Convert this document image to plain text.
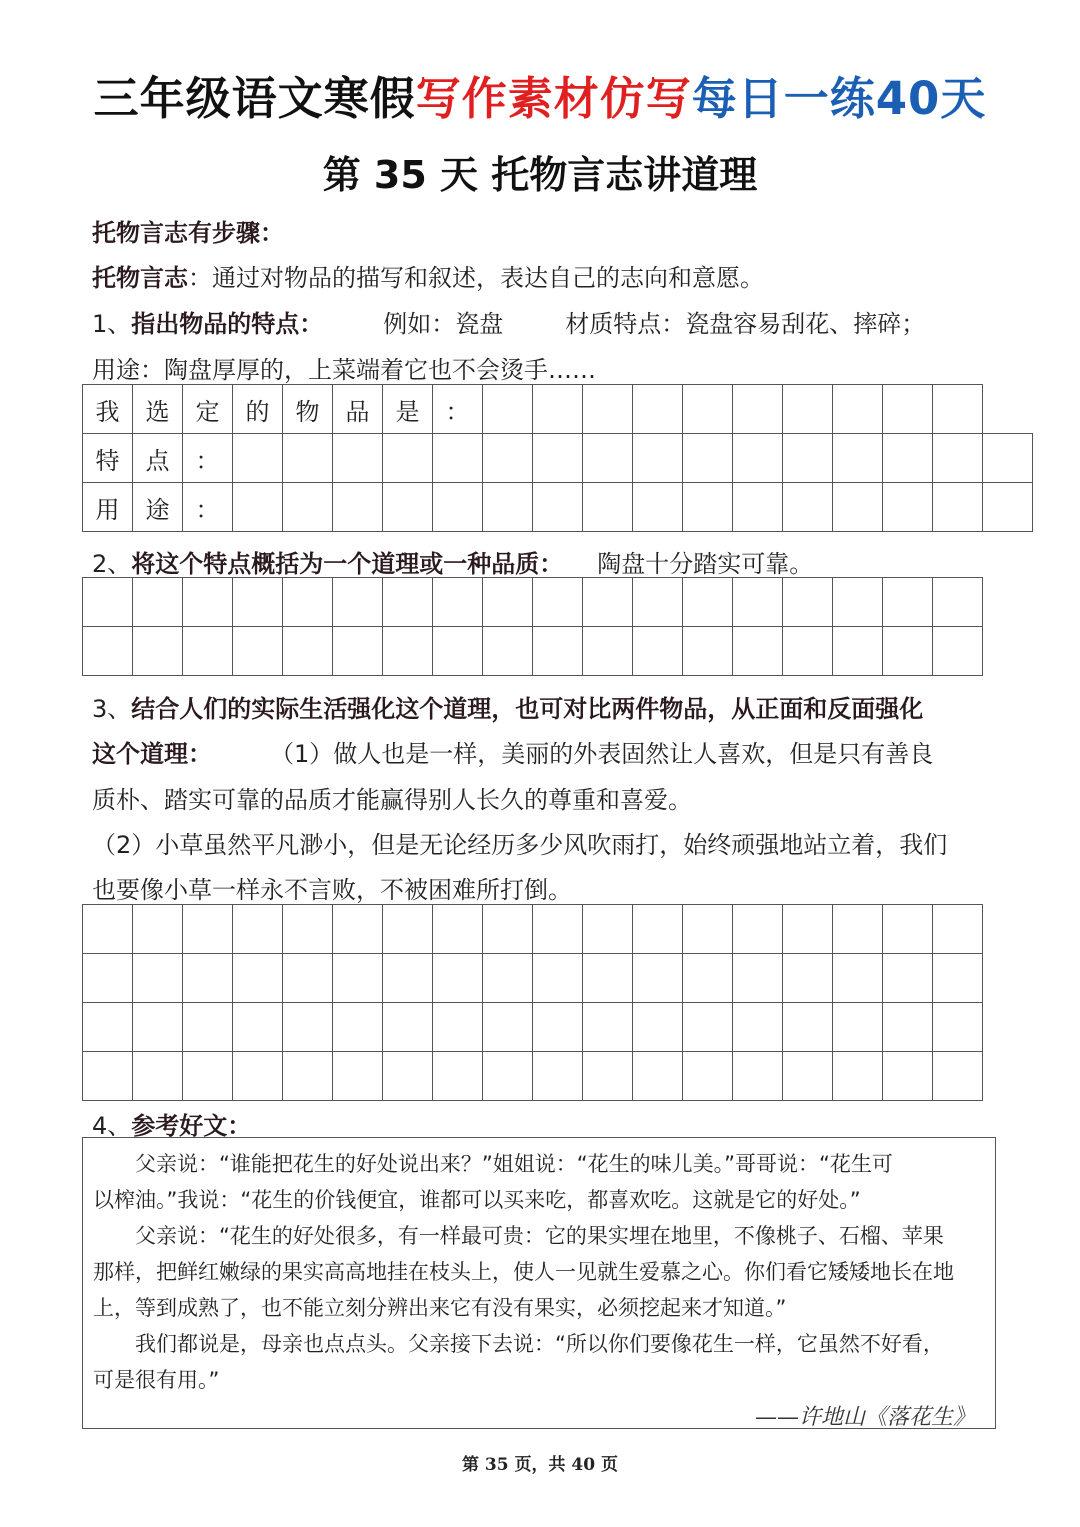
三年级语文寒假写作素材仿写每日一练40天
第 35 天 托物言志讲道理
托物言志有步骤：
托物言志：通过对物品的描写和叙述，表达自己的志向和意愿。
1、指出物品的特点：	例如：瓷盘	材质特点：瓷盘容易刮花、摔碎；
用途：陶盘厚厚的，上菜端着它也不会烫手……
我	选	定	的	物	品	是	：											
特	点	：																
用	途	：																
2、将这个特点概括为一个道理或一种品质： 陶盘十分踏实可靠。

3、结合人们的实际生活强化这个道理，也可对比两件物品，从正面和反面强化
这个道理： （1）做人也是一样，美丽的外表固然让人喜欢，但是只有善良
质朴、踏实可靠的品质才能赢得别人长久的尊重和喜爱。
（2）小草虽然平凡渺小，但是无论经历多少风吹雨打，始终顽强地站立着，我们
也要像小草一样永不言败，不被困难所打倒。

4、参考好文：
父亲说：“谁能把花生的好处说出来？”姐姐说：“花生的味儿美。”哥哥说：“花生可
以榨油。”我说：“花生的价钱便宜，谁都可以买来吃，都喜欢吃。这就是它的好处。”
父亲说：“花生的好处很多，有一样最可贵：它的果实埋在地里，不像桃子、石榴、苹果
那样，把鲜红嫩绿的果实高高地挂在枝头上，使人一见就生爱慕之心。你们看它矮矮地长在地
上，等到成熟了，也不能立刻分辨出来它有没有果实，必须挖起来才知道。”
我们都说是，母亲也点点头。父亲接下去说：“所以你们要像花生一样，它虽然不好看，
可是很有用。”
——许地山《落花生》
第 35 页，共 40 页
